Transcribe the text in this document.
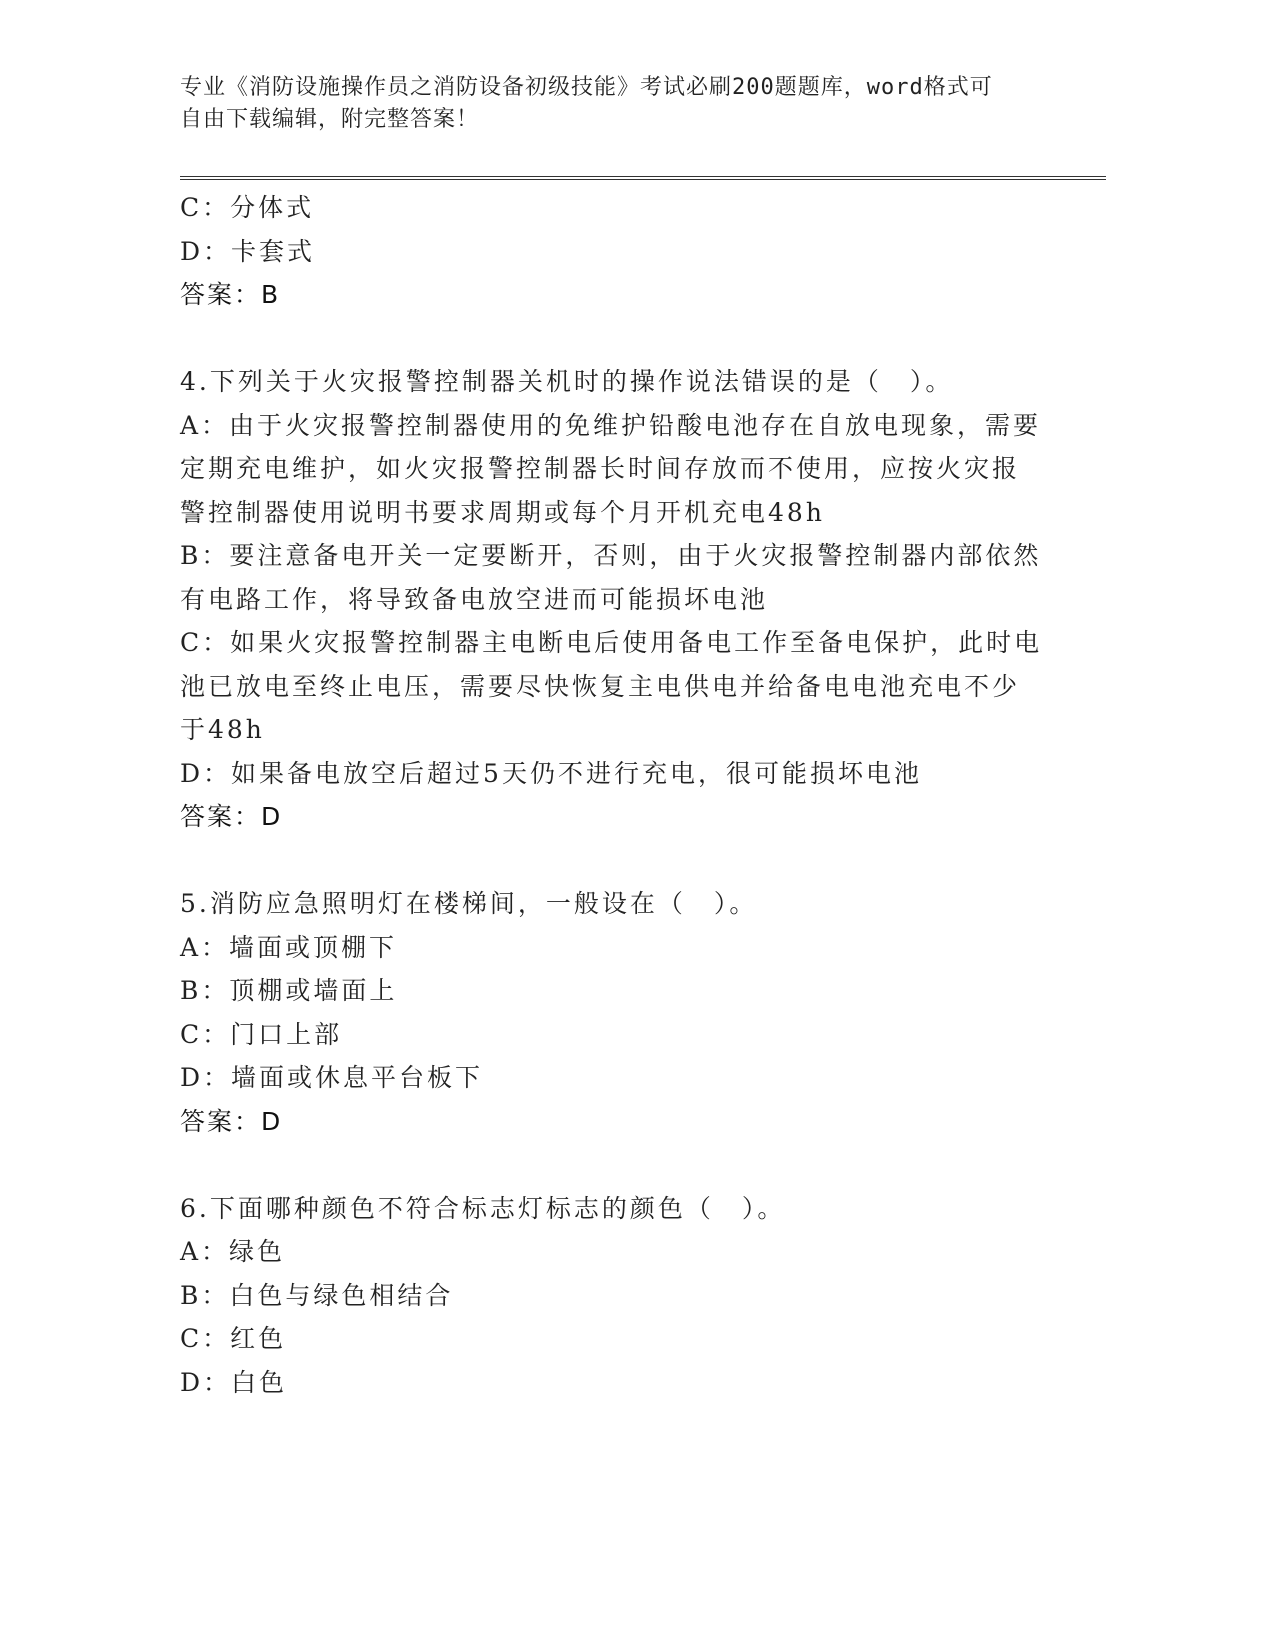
专业《消防设施操作员之消防设备初级技能》考试必刷200题题库，word格式可
自由下载编辑，附完整答案！
C：分体式
D：卡套式
答案：B
4.下列关于火灾报警控制器关机时的操作说法错误的是（　）。
A：由于火灾报警控制器使用的免维护铅酸电池存在自放电现象，需要
定期充电维护，如火灾报警控制器长时间存放而不使用，应按火灾报
警控制器使用说明书要求周期或每个月开机充电48h
B：要注意备电开关一定要断开，否则，由于火灾报警控制器内部依然
有电路工作，将导致备电放空进而可能损坏电池
C：如果火灾报警控制器主电断电后使用备电工作至备电保护，此时电
池已放电至终止电压，需要尽快恢复主电供电并给备电电池充电不少
于48h
D：如果备电放空后超过5天仍不进行充电，很可能损坏电池
答案：D
5.消防应急照明灯在楼梯间，一般设在（　）。
A：墙面或顶棚下
B：顶棚或墙面上
C：门口上部
D：墙面或休息平台板下
答案：D
6.下面哪种颜色不符合标志灯标志的颜色（　）。
A：绿色
B：白色与绿色相结合
C：红色
D：白色
